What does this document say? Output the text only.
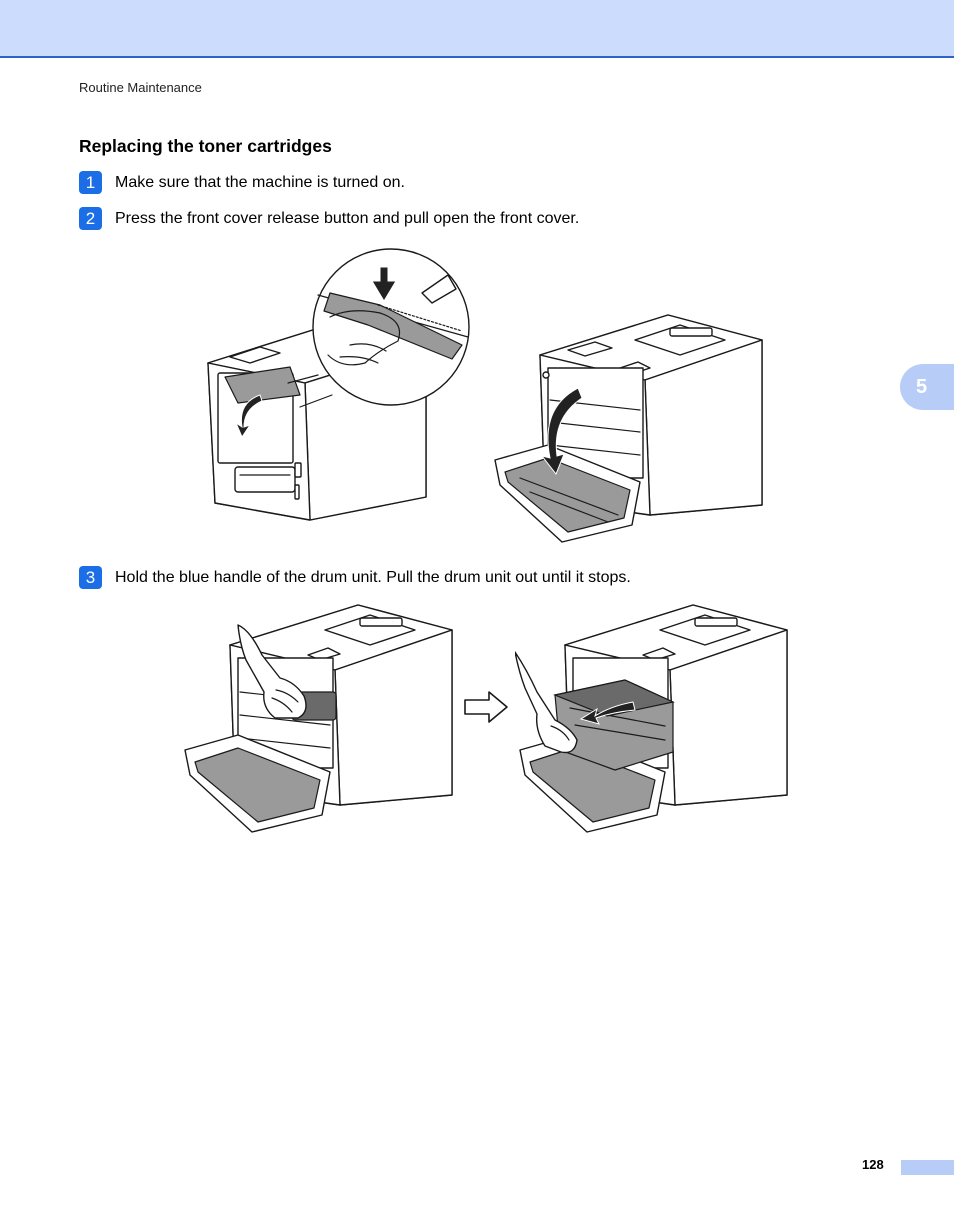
Routine Maintenance
Replacing the toner cartridges
1	Make sure that the machine is turned on.
2	Press the front cover release button and pull open the front cover.
3	Hold the blue handle of the drum unit. Pull the drum unit out until it stops.
5
128
